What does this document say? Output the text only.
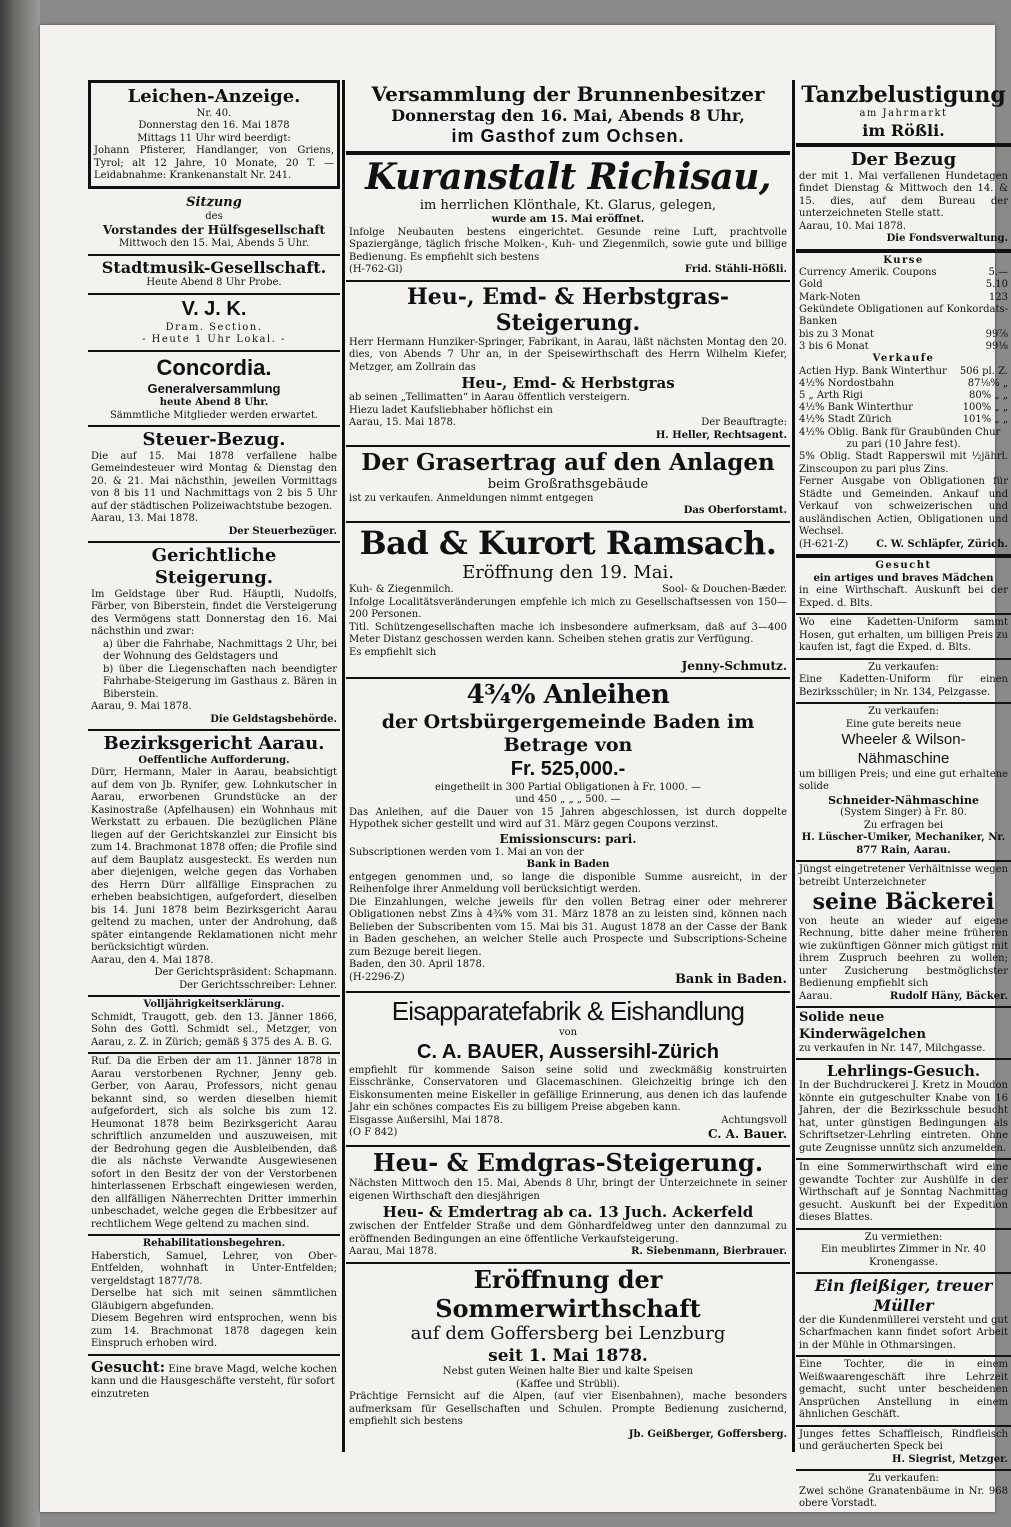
Leichen-Anzeige.
Nr. 40.
Donnerstag den 16. Mai 1878
Mittags 11 Uhr wird beerdigt:

Johann Pfisterer, Handlanger, von Griens, Tyrol; alt 12 Jahre, 10 Monate, 20 T. — Leidabnahme: Krankenanstalt Nr. 241.

Sitzung
des
Vorstandes der Hülfsgesellschaft
Mittwoch den 15. Mai, Abends 5 Uhr.
Stadtmusik-Gesellschaft.
Heute Abend 8 Uhr Probe.
V. J. K.
Dram. Section.
- Heute 1 Uhr Lokal. -
Concordia.
Generalversammlung
heute Abend 8 Uhr.
Sämmtliche Mitglieder werden erwartet.
Steuer-Bezug.

Die auf 15. Mai 1878 verfallene halbe Gemeindesteuer wird Montag & Dienstag den 20. & 21. Mai nächsthin, jeweilen Vormittags von 8 bis 11 und Nachmittags von 2 bis 5 Uhr auf der städtischen Polizeiwachtstube bezogen.

Aarau, 13. Mai 1878.
Der Steuerbezüger.
Gerichtliche Steigerung.

Im Geldstage über Rud. Häuptli, Nudolfs, Färber, von Biberstein, findet die Versteigerung des Vermögens statt Donnerstag den 16. Mai nächsthin und zwar:

a) über die Fahrhabe, Nachmittags 2 Uhr, bei der Wohnung des Geldstagers und

b) über die Liegenschaften nach beendigter Fahrhabe-Steigerung im Gasthaus z. Bären in Biberstein.

Aarau, 9. Mai 1878.
Die Geldstagsbehörde.
Bezirksgericht Aarau.
Oeffentliche Aufforderung.

Dürr, Hermann, Maler in Aarau, beabsichtigt auf dem von Jb. Rynifer, gew. Lohnkutscher in Aarau, erworbenen Grundstücke an der Kasinostraße (Apfelhausen) ein Wohnhaus mit Werkstatt zu erbauen. Die bezüglichen Pläne liegen auf der Gerichtskanzlei zur Einsicht bis zum 14. Brachmonat 1878 offen; die Profile sind auf dem Bauplatz ausgesteckt. Es werden nun aber diejenigen, welche gegen das Vorhaben des Herrn Dürr allfällige Einsprachen zu erheben beabsichtigen, aufgefordert, dieselben bis 14. Juni 1878 beim Bezirksgericht Aarau geltend zu machen, unter der Androhung, daß später eintangende Reklamationen nicht mehr berücksichtigt würden.

Aarau, den 4. Mai 1878.
Der Gerichtspräsident: Schapmann.
Der Gerichtsschreiber: Lehner.
Volljährigkeitserklärung.

Schmidt, Traugott, geb. den 13. Jänner 1866, Sohn des Gottl. Schmidt sel., Metzger, von Aarau, z. Z. in Zürich; gemäß § 375 des A. B. G.

Ruf. Da die Erben der am 11. Jänner 1878 in Aarau verstorbenen Rychner, Jenny geb. Gerber, von Aarau, Professors, nicht genau bekannt sind, so werden dieselben hiemit aufgefordert, sich als solche bis zum 12. Heumonat 1878 beim Bezirksgericht Aarau schriftlich anzumelden und auszuweisen, mit der Bedrohung gegen die Ausbleibenden, daß die als nächste Verwandte Ausgewiesenen sofort in den Besitz der von der Verstorbenen hinterlassenen Erbschaft eingewiesen werden, den allfälligen Näherrechten Dritter immerhin unbeschadet, welche gegen die Erbbesitzer auf rechtlichem Wege geltend zu machen sind.

Rehabilitationsbegehren.

Haberstich, Samuel, Lehrer, von Ober-Entfelden, wohnhaft in Unter-Entfelden; vergeldstagt 1877/78.

Derselbe hat sich mit seinen sämmtlichen Gläubigern abgefunden.

Diesem Begehren wird entsprochen, wenn bis zum 14. Brachmonat 1878 dagegen kein Einspruch erhoben wird.

Gesucht: Eine brave Magd, welche kochen kann und die Hausgeschäfte versteht, für sofort einzutreten
Versammlung der Brunnenbesitzer
Donnerstag den 16. Mai, Abends 8 Uhr,
im Gasthof zum Ochsen.
Kuranstalt Richisau,
im herrlichen Klönthale, Kt. Glarus, gelegen,
wurde am 15. Mai eröffnet.

Infolge Neubauten bestens eingerichtet. Gesunde reine Luft, prachtvolle Spaziergänge, täglich frische Molken-, Kuh- und Ziegenmilch, sowie gute und billige Bedienung. Es empfiehlt sich bestens

(H-762-Gl)	Frid. Stähli-Hößli.
Heu-, Emd- & Herbstgras-Steigerung.

Herr Hermann Hunziker-Springer, Fabrikant, in Aarau, läßt nächsten Montag den 20. dies, von Abends 7 Uhr an, in der Speisewirthschaft des Herrn Wilhelm Kiefer, Metzger, am Zollrain das

Heu-, Emd- & Herbstgras

ab seinen „Tellimatten“ in Aarau öffentlich versteigern.

Hiezu ladet Kaufsliebhaber höflichst ein

Aarau, 15. Mai 1878.	Der Beauftragte:
H. Heller, Rechtsagent.
Der Grasertrag auf den Anlagen
beim Großrathsgebäude

ist zu verkaufen. Anmeldungen nimmt entgegen

Das Oberforstamt.
Bad & Kurort Ramsach.
Eröffnung den 19. Mai.
Kuh- & Ziegenmilch.	Sool- & Douchen-Bæder.

Infolge Localitätsveränderungen empfehle ich mich zu Gesellschaftsessen von 150—200 Personen.

Titl. Schützengesellschaften mache ich insbesondere aufmerksam, daß auf 3—400 Meter Distanz geschossen werden kann. Scheiben stehen gratis zur Verfügung.

Es empfiehlt sich

Jenny-Schmutz.
4¾% Anleihen
der Ortsbürgergemeinde Baden im Betrage von
Fr. 525,000.-
eingetheilt in 300 Partial Obligationen à Fr. 1000. —
und 450 „ „ „ 500. —

Das Anleihen, auf die Dauer von 15 Jahren abgeschlossen, ist durch doppelte Hypothek sicher gestellt und wird auf 31. März gegen Coupons verzinst.

Emissionscurs: pari.

Subscriptionen werden vom 1. Mai an von der

Bank in Baden

entgegen genommen und, so lange die disponible Summe ausreicht, in der Reihenfolge ihrer Anmeldung voll berücksichtigt werden.

Die Einzahlungen, welche jeweils für den vollen Betrag einer oder mehrerer Obligationen nebst Zins à 4¾% vom 31. März 1878 an zu leisten sind, können nach Belieben der Subscribenten vom 15. Mai bis 31. August 1878 an der Casse der Bank in Baden geschehen, an welcher Stelle auch Prospecte und Subscriptions-Scheine zum Bezuge bereit liegen.

Baden, den 30. April 1878.
(H-2296-Z)	Bank in Baden.
Eisapparatefabrik & Eishandlung
von
C. A. BAUER, Aussersihl-Zürich

empfiehlt für kommende Saison seine solid und zweckmäßig konstruirten Eisschränke, Conservatoren und Glacemaschinen. Gleichzeitig bringe ich den Eiskonsumenten meine Eiskeller in gefällige Erinnerung, aus denen ich das laufende Jahr ein schönes compactes Eis zu billigem Preise abgeben kann.

Eisgasse Außersihl, Mai 1878.	Achtungsvoll
(O F 842)	C. A. Bauer.
Heu- & Emdgras-Steigerung.

Nächsten Mittwoch den 15. Mai, Abends 8 Uhr, bringt der Unterzeichnete in seiner eigenen Wirthschaft den diesjährigen

Heu- & Emdertrag ab ca. 13 Juch. Ackerfeld

zwischen der Entfelder Straße und dem Gönhardfeldweg unter den dannzumal zu eröffnenden Bedingungen an eine öffentliche Verkaufsteigerung.

Aarau, Mai 1878.	R. Siebenmann, Bierbrauer.
Eröffnung der Sommerwirthschaft
auf dem Goffersberg bei Lenzburg
seit 1. Mai 1878.
Nebst guten Weinen halte Bier und kalte Speisen
(Kaffee und Strübli).

Prächtige Fernsicht auf die Alpen, (auf vier Eisenbahnen), mache besonders aufmerksam für Gesellschaften und Schulen. Prompte Bedienung zusichernd, empfiehlt sich bestens

Jb. Geißberger, Goffersberg.
Tanzbelustigung
am Jahrmarkt
im Rößli.
Der Bezug

der mit 1. Mai verfallenen Hundetagen findet Dienstag & Mittwoch den 14. & 15. dies, auf dem Bureau der unterzeichneten Stelle statt.

Aarau, 10. Mai 1878.
Die Fondsverwaltung.
Kurse
Currency Amerik. Coupons	5.—
Gold	5.10
Mark-Noten	123

Gekündete Obligationen auf Konkordats-Banken

bis zu 3 Monat	99⅞
3 bis 6 Monat	99⅛
Verkaufe
Actien Hyp. Bank Winterthur 506 pl. Z.
4½% Nordostbahn	87⅛% „
5 „ Arth Rigi	80% „ „
4½% Bank Winterthur	100% „ „
4½% Stadt Zürich	101% „ „
4½% Oblig. Bank für Graubünden Chur
zu pari (10 Jahre fest).

5% Oblig. Stadt Rapperswil mit ½jährl. Zinscoupon zu pari plus Zins.

Ferner Ausgabe von Obligationen für Städte und Gemeinden. Ankauf und Verkauf von schweizerischen und ausländischen Actien, Obligationen und Wechsel.

(H-621-Z)	C. W. Schläpfer, Zürich.
Gesucht
ein artiges und braves Mädchen

in eine Wirthschaft. Auskunft bei der Exped. d. Blts.

Wo eine Kadetten-Uniform sammt Hosen, gut erhalten, um billigen Preis zu kaufen ist, fagt die Exped. d. Blts.

Zu verkaufen:

Eine Kadetten-Uniform für einen Bezirksschüler; in Nr. 134, Pelzgasse.

Zu verkaufen:
Eine gute bereits neue
Wheeler & Wilson-Nähmaschine

um billigen Preis; und eine gut erhaltene solide

Schneider-Nähmaschine
(System Singer) à Fr. 80.
Zu erfragen bei
H. Lüscher-Umiker, Mechaniker, Nr. 877 Rain, Aarau.

Jüngst eingetretener Verhältnisse wegen betreibt Unterzeichneter

seine Bäckerei

von heute an wieder auf eigene Rechnung, bitte daher meine früheren wie zukünftigen Gönner mich gütigst mit ihrem Zuspruch beehren zu wollen; unter Zusicherung bestmöglichster Bedienung empfiehlt sich

Aarau.	Rudolf Häny, Bäcker.
Solide neue Kinderwägelchen
zu verkaufen in Nr. 147, Milchgasse.
Lehrlings-Gesuch.

In der Buchdruckerei J. Kretz in Moudon könnte ein gutgeschulter Knabe von 16 Jahren, der die Bezirksschule besucht hat, unter günstigen Bedingungen als Schriftsetzer-Lehrling eintreten. Ohne gute Zeugnisse unnütz sich anzumelden.

In eine Sommerwirthschaft wird eine gewandte Tochter zur Aushülfe in der Wirthschaft auf je Sonntag Nachmittag gesucht. Auskunft bei der Expedition dieses Blattes.

Zu vermiethen:
Ein meublirtes Zimmer in Nr. 40 Kronengasse.
Ein fleißiger, treuer Müller

der die Kundenmüllerei versteht und gut Scharfmachen kann findet sofort Arbeit in der Mühle in Othmarsingen.

Eine Tochter, die in einem Weißwaarengeschäft ihre Lehrzeit gemacht, sucht unter bescheidenen Ansprüchen Anstellung in einem ähnlichen Geschäft.

Junges fettes Schaffleisch, Rindfleisch und geräucherten Speck bei

H. Siegrist, Metzger.
Zu verkaufen:

Zwei schöne Granatenbäume in Nr. 968 obere Vorstadt.
